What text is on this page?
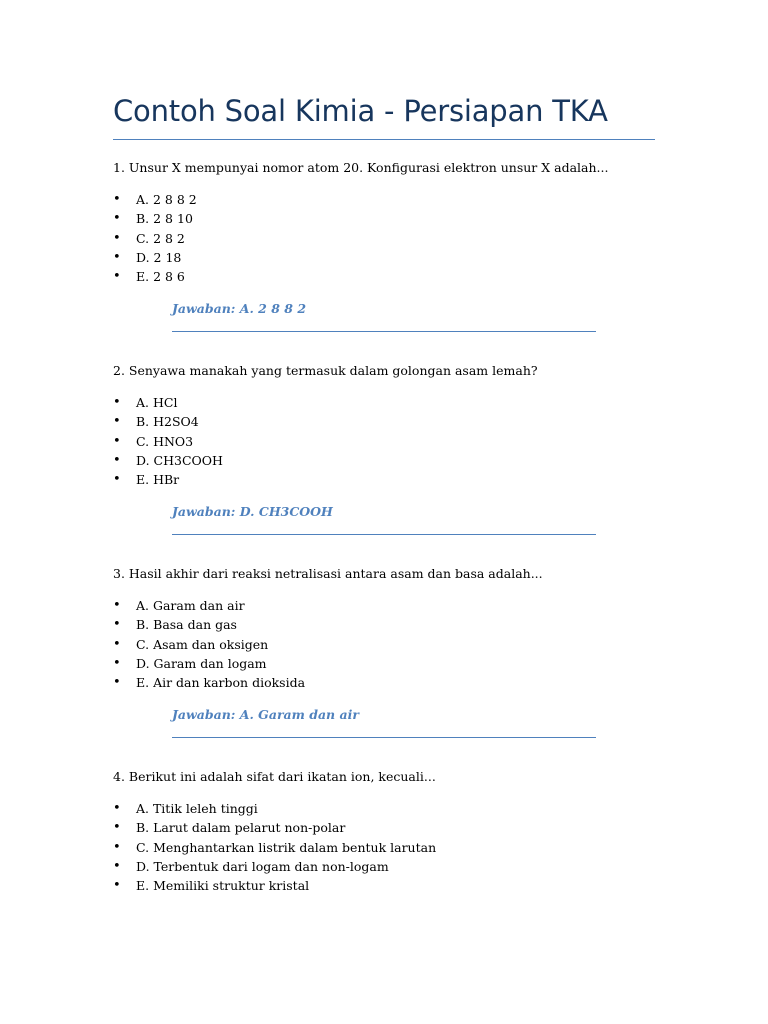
Contoh Soal Kimia - Persiapan TKA

1. Unsur X mempunyai nomor atom 20. Konfigurasi elektron unsur X adalah...

• A. 2 8 8 2
• B. 2 8 10
• C. 2 8 2
• D. 2 18
• E. 2 8 6

Jawaban: A. 2 8 8 2

2. Senyawa manakah yang termasuk dalam golongan asam lemah?

• A. HCl
• B. H2SO4
• C. HNO3
• D. CH3COOH
• E. HBr

Jawaban: D. CH3COOH

3. Hasil akhir dari reaksi netralisasi antara asam dan basa adalah...

• A. Garam dan air
• B. Basa dan gas
• C. Asam dan oksigen
• D. Garam dan logam
• E. Air dan karbon dioksida

Jawaban: A. Garam dan air

4. Berikut ini adalah sifat dari ikatan ion, kecuali...

• A. Titik leleh tinggi
• B. Larut dalam pelarut non-polar
• C. Menghantarkan listrik dalam bentuk larutan
• D. Terbentuk dari logam dan non-logam
• E. Memiliki struktur kristal
